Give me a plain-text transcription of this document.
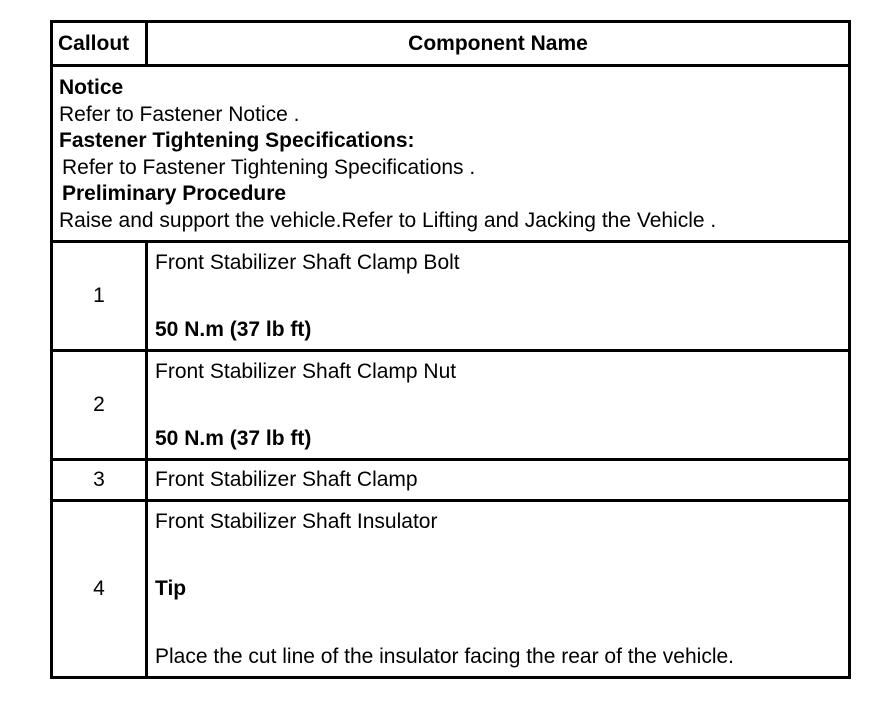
Callout	Component Name
Notice
Refer to Fastener Notice .
Fastener Tightening Specifications:
Refer to Fastener Tightening Specifications .
Preliminary Procedure
Raise and support the vehicle.Refer to Lifting and Jacking the Vehicle .
1
Front Stabilizer Shaft Clamp Bolt
50 N.m (37 lb ft)
2
Front Stabilizer Shaft Clamp Nut
50 N.m (37 lb ft)
3 Front Stabilizer Shaft Clamp
4
Front Stabilizer Shaft Insulator
Tip
Place the cut line of the insulator facing the rear of the vehicle.
